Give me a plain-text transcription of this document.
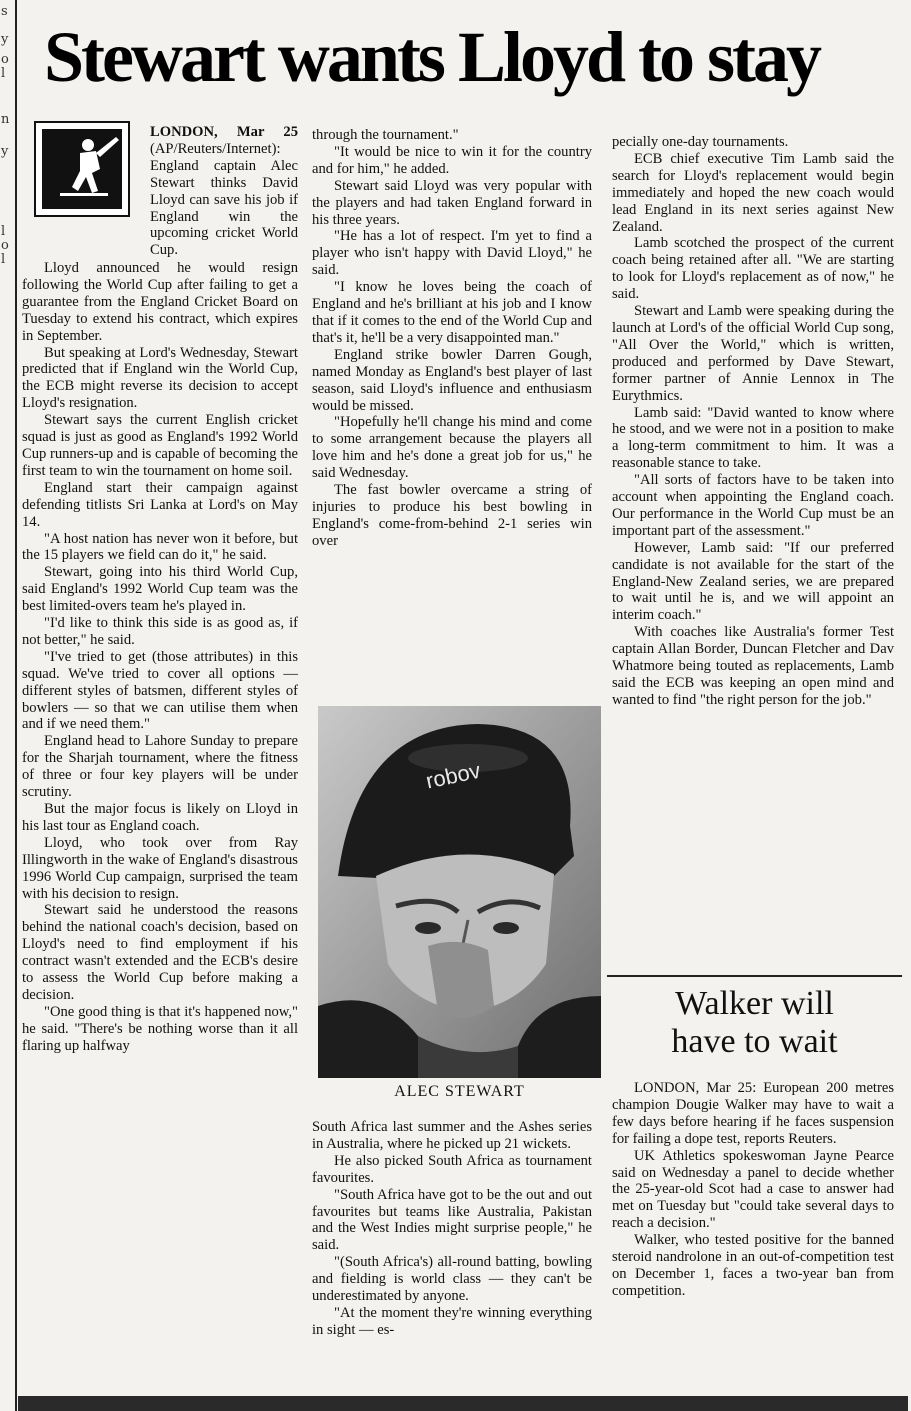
s
y
o
l
n
y
l
o
l
Stewart wants Lloyd to stay

LONDON, Mar 25 (AP/Reuters/Internet): England captain Alec Stewart thinks David Lloyd can save his job if England win the upcoming cricket World Cup.

Lloyd announced he would resign following the World Cup after failing to get a guarantee from the England Cricket Board on Tuesday to extend his contract, which expires in September.

But speaking at Lord's Wednesday, Stewart predicted that if England win the World Cup, the ECB might reverse its decision to accept Lloyd's resignation.

Stewart says the current English cricket squad is just as good as England's 1992 World Cup runners-up and is capable of becoming the first team to win the tournament on home soil.

England start their campaign against defending titlists Sri Lanka at Lord's on May 14.

"A host nation has never won it before, but the 15 players we field can do it," he said.

Stewart, going into his third World Cup, said England's 1992 World Cup team was the best limited-overs team he's played in.

"I'd like to think this side is as good as, if not better," he said.

"I've tried to get (those attributes) in this squad. We've tried to cover all options — different styles of batsmen, different styles of bowlers — so that we can utilise them when and if we need them."

England head to Lahore Sunday to prepare for the Sharjah tournament, where the fitness of three or four key players will be under scrutiny.

But the major focus is likely on Lloyd in his last tour as England coach.

Lloyd, who took over from Ray Illingworth in the wake of England's disastrous 1996 World Cup campaign, surprised the team with his decision to resign.

Stewart said he understood the reasons behind the national coach's decision, based on Lloyd's need to find employment if his contract wasn't extended and the ECB's desire to assess the World Cup before making a decision.

"One good thing is that it's happened now," he said. "There's be nothing worse than it all flaring up halfway

through the tournament."

"It would be nice to win it for the country and for him," he added.

Stewart said Lloyd was very popular with the players and had taken England forward in his three years.

"He has a lot of respect. I'm yet to find a player who isn't happy with David Lloyd," he said.

"I know he loves being the coach of England and he's brilliant at his job and I know that if it comes to the end of the World Cup and that's it, he'll be a very disappointed man."

England strike bowler Darren Gough, named Monday as England's best player of last season, said Lloyd's influence and enthusiasm would be missed.

"Hopefully he'll change his mind and come to some arrangement because the players all love him and he's done a great job for us," he said Wednesday.

The fast bowler overcame a string of injuries to produce his best bowling in England's come-from-behind 2-1 series win over

robov

ALEC STEWART

South Africa last summer and the Ashes series in Australia, where he picked up 21 wickets.

He also picked South Africa as tournament favourites.

"South Africa have got to be the out and out favourites but teams like Australia, Pakistan and the West Indies might surprise people," he said.

"(South Africa's) all-round batting, bowling and fielding is world class — they can't be underestimated by anyone.

"At the moment they're winning everything in sight — es-

pecially one-day tournaments.

ECB chief executive Tim Lamb said the search for Lloyd's replacement would begin immediately and hoped the new coach would lead England in its next series against New Zealand.

Lamb scotched the prospect of the current coach being retained after all. "We are starting to look for Lloyd's replacement as of now," he said.

Stewart and Lamb were speaking during the launch at Lord's of the official World Cup song, "All Over the World," which is written, produced and performed by Dave Stewart, former partner of Annie Lennox in The Eurythmics.

Lamb said: "David wanted to know where he stood, and we were not in a position to make a long-term commitment to him. It was a reasonable stance to take.

"All sorts of factors have to be taken into account when appointing the England coach. Our performance in the World Cup must be an important part of the assessment."

However, Lamb said: "If our preferred candidate is not available for the start of the England-New Zealand series, we are prepared to wait until he is, and we will appoint an interim coach."

With coaches like Australia's former Test captain Allan Border, Duncan Fletcher and Dav Whatmore being touted as replacements, Lamb said the ECB was keeping an open mind and wanted to find "the right person for the job."

Walker will

have to wait

LONDON, Mar 25: European 200 metres champion Dougie Walker may have to wait a few days before hearing if he faces suspension for failing a dope test, reports Reuters.

UK Athletics spokeswoman Jayne Pearce said on Wednesday a panel to decide whether the 25-year-old Scot had a case to answer had met on Tuesday but "could take several days to reach a decision."

Walker, who tested positive for the banned steroid nandrolone in an out-of-competition test on December 1, faces a two-year ban from competition.
